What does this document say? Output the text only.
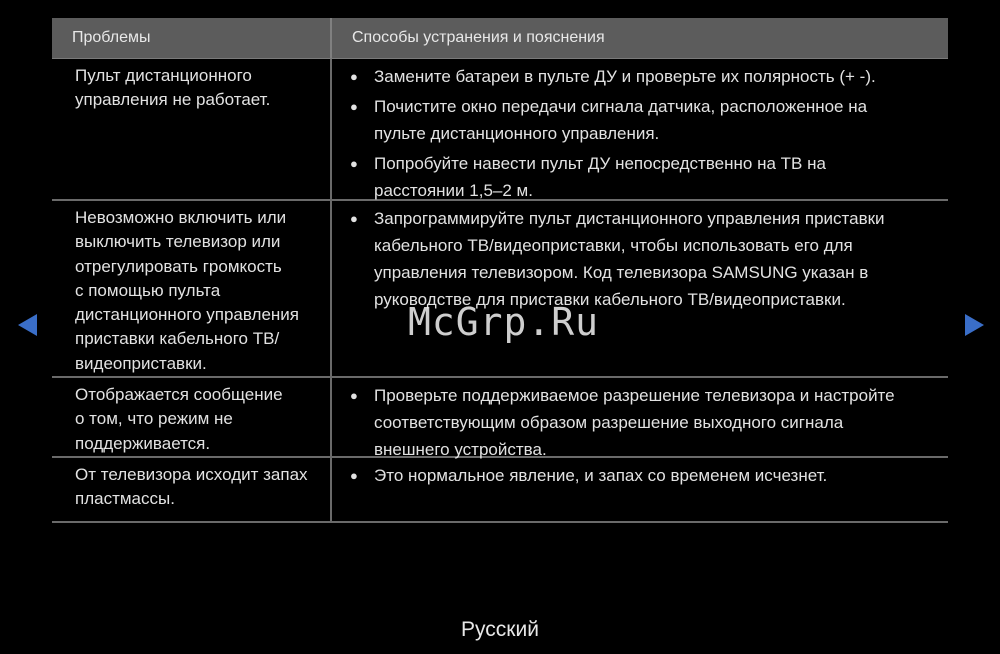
Проблемы	Способы устранения и пояснения
Пульт дистанционного
управления не работает.
● Замените батареи в пульте ДУ и проверьте их полярность (+ -).
● Почистите окно передачи сигнала датчика, расположенное на
пульте дистанционного управления.
● Попробуйте навести пульт ДУ непосредственно на ТВ на
расстоянии 1,5–2 м.
Невозможно включить или
выключить телевизор или
отрегулировать громкость
с помощью пульта
дистанционного управления
приставки кабельного ТВ/
видеоприставки.
● Запрограммируйте пульт дистанционного управления приставки
кабельного ТВ/видеоприставки, чтобы использовать его для
управления телевизором. Код телевизора SAMSUNG указан в
руководстве для приставки кабельного ТВ/видеоприставки.
Отображается сообщение
о том, что режим не
поддерживается.
● Проверьте поддерживаемое разрешение телевизора и настройте
соответствующим образом разрешение выходного сигнала
внешнего устройства.
От телевизора исходит запах
пластмассы.
● Это нормальное явление, и запах со временем исчезнет.
McGrp.Ru
Русский
